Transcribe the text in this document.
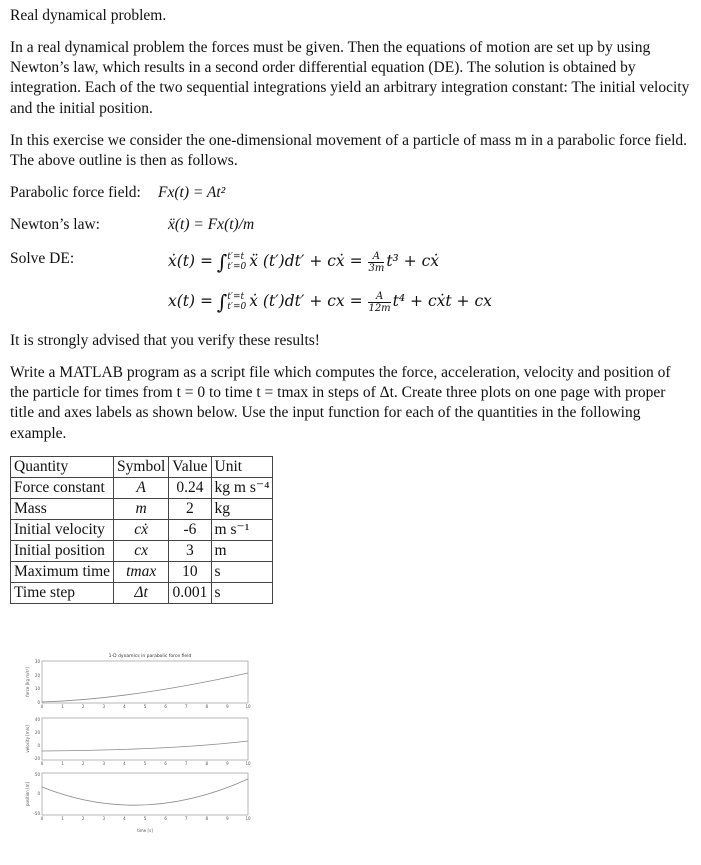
Real dynamical problem.

In a real dynamical problem the forces must be given. Then the equations of motion are set up by using Newton’s law, which results in a second order differential equation (DE). The solution is obtained by integration. Each of the two sequential integrations yield an arbitrary integration constant: The initial velocity and the initial position.

In this exercise we consider the one-dimensional movement of a particle of mass m in a parabolic force field. The above outline is then as follows.

Parabolic force field: Fx(t) = At²
Newton’s law:	ẍ(t) = Fx(t)/m
Solve DE:	ẋ(t) = ∫ t′=t
t′=0 ẍ (t′)dt′ + cẋ = $\frac{A}{3m} t^3$ + cẋ
x(t) = ∫ t′=t
t′=0 ẋ (t′)dt′ + cx = $\frac{A}{12m} t^4$ + cẋt + cx

It is strongly advised that you verify these results!

Write a MATLAB program as a script file which computes the force, acceleration, velocity and position of the particle for times from t = 0 to time t = tmax in steps of Δt. Create three plots on one page with proper title and axes labels as shown below. Use the input function for each of the quantities in the following example.

Quantity	Symbol	Value	Unit
Force constant	A	0.24	kg m s⁻⁴
Mass	m	2	kg
Initial velocity	cẋ	-6	m s⁻¹
Initial position	cx	3	m
Maximum time	tmax	10	s
Time step	Δt	0.001	s
1-D dynamics in parabolic force field
force [kg m/s²]
30
20
10
0
velocity [m/s]
40
20
0
-20
position [m]
50
0
-50
0	1	2	3	4	5	6	7	8	9	10
0	1	2	3	4	5	6	7	8	9	10
0	1	2	3	4	5	6	7	8	9	10
time [s]
